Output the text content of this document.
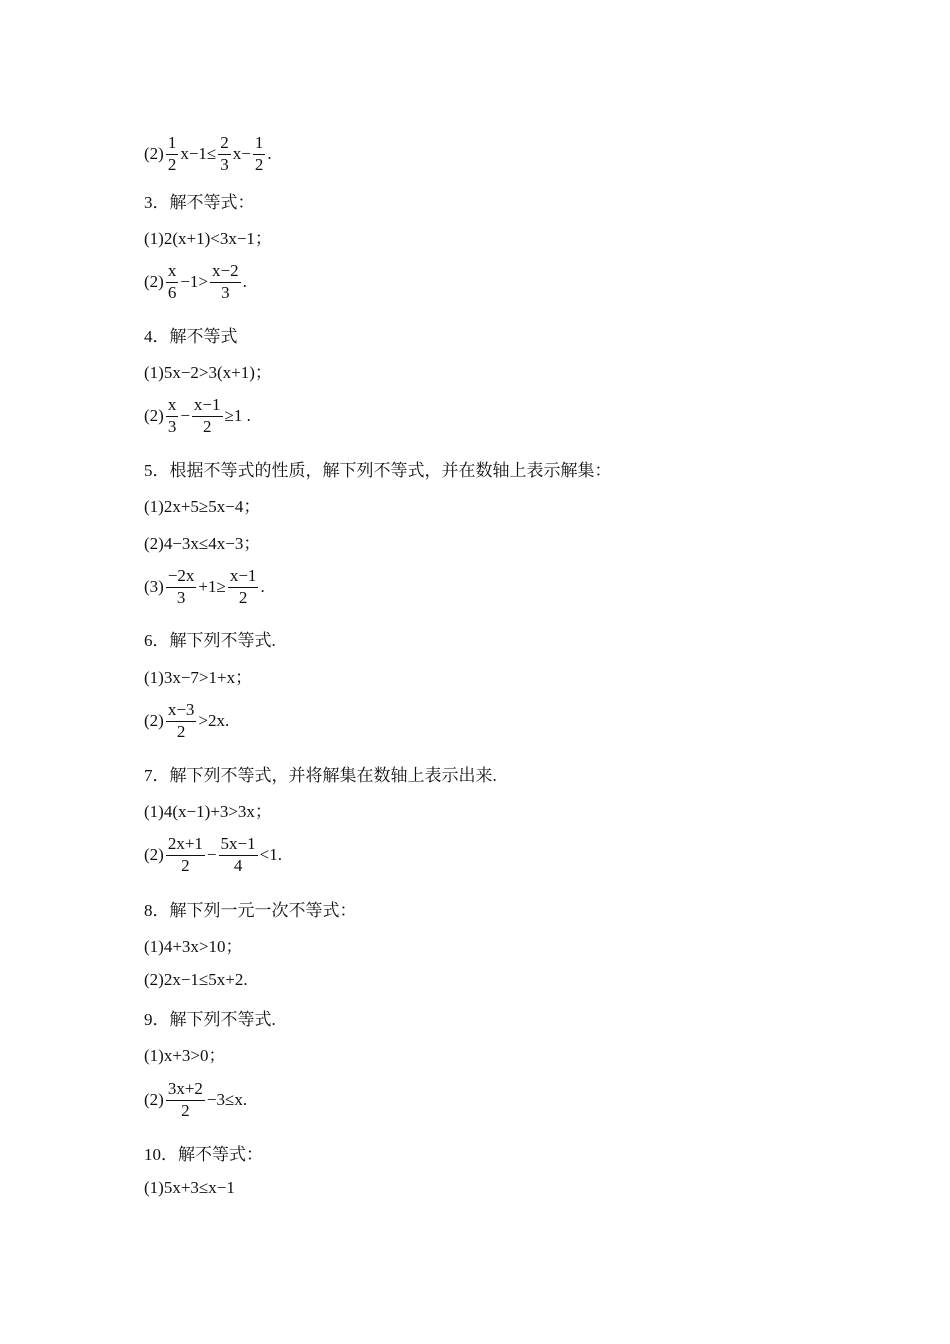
$(2) \frac{1}{2} x-1\le \frac{2}{3} x- \frac{1}{2}$ .
3．解不等式：
(1)2(x+1)<3x−1；
$(2) \frac{x}{6} -1> \frac{x-2}{3}$ .
4．解不等式
(1)5x−2>3(x+1)；
$(2) \frac{x}{3} - \frac{x-1}{2} \ge 1$ .
5．根据不等式的性质，解下列不等式，并在数轴上表示解集：
(1)2x+5≥5x−4；
(2)4−3x≤4x−3；
$(3) \frac{-2x}{3} +1\ge \frac{x-1}{2}$ .
6．解下列不等式.
(1)3x−7>1+x；
$(2) \frac{x-3}{2} >2x$.
7．解下列不等式，并将解集在数轴上表示出来.
(1)4(x−1)+3>3x；
$(2) \frac{2x+1}{2} - \frac{5x-1}{4} <1$.
8．解下列一元一次不等式：
(1)4+3x>10；
(2)2x−1≤5x+2.
9．解下列不等式.
(1)x+3>0；
$(2) \frac{3x+2}{2} -3\le x$.
10．解不等式：
(1)5x+3≤x−1
